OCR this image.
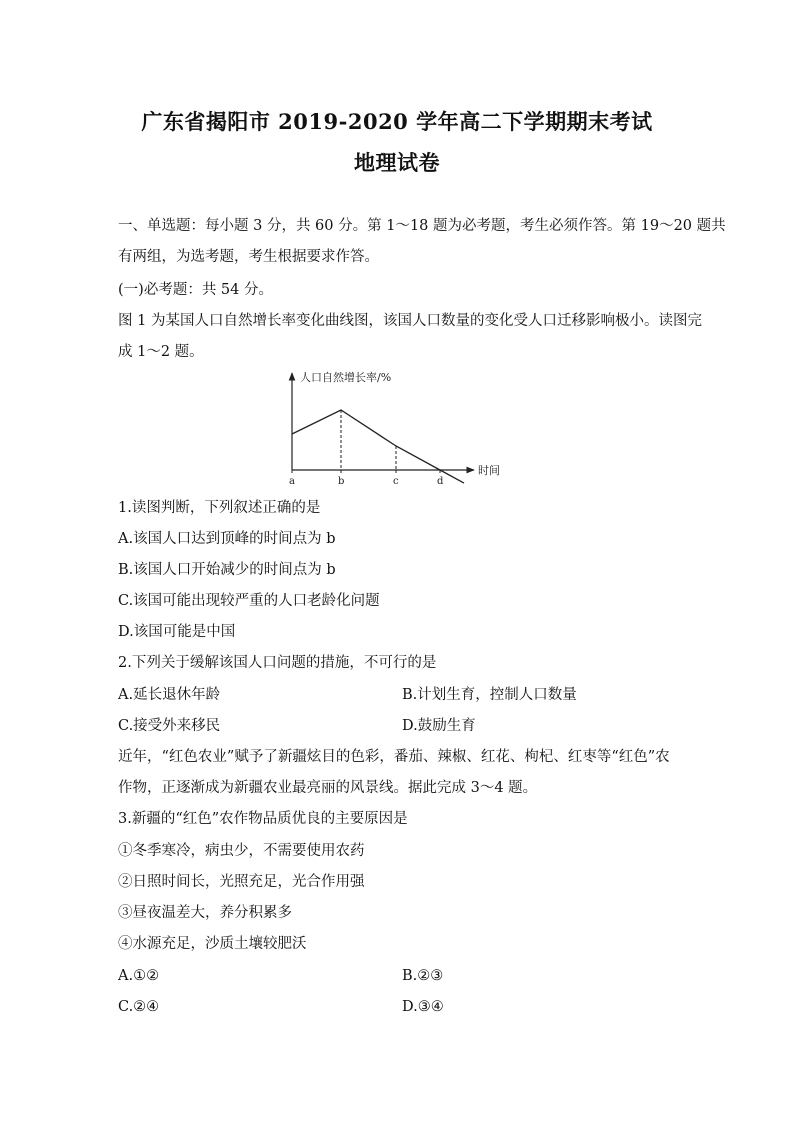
广东省揭阳市 2019-2020 学年高二下学期期末考试
地理试卷
一、单选题：每小题 3 分，共 60 分。第 1～18 题为必考题，考生必须作答。第 19～20 题共
有两组，为选考题，考生根据要求作答。
(一)必考题：共 54 分。
图 1 为某国人口自然增长率变化曲线图，该国人口数量的变化受人口迁移影响极小。读图完
成 1～2 题。
人口自然增长率/%
时间
a	b	c	d
1.读图判断，下列叙述正确的是
A.该国人口达到顶峰的时间点为 b
B.该国人口开始减少的时间点为 b
C.该国可能出现较严重的人口老龄化问题
D.该国可能是中国
2.下列关于缓解该国人口问题的措施，不可行的是
A.延长退休年龄	B.计划生育，控制人口数量
C.接受外来移民	D.鼓励生育
近年，“红色农业”赋予了新疆炫目的色彩，番茄、辣椒、红花、枸杞、红枣等“红色”农
作物，正逐渐成为新疆农业最亮丽的风景线。据此完成 3～4 题。
3.新疆的“红色”农作物品质优良的主要原因是
①冬季寒冷，病虫少，不需要使用农药
②日照时间长，光照充足，光合作用强
③昼夜温差大，养分积累多
④水源充足，沙质土壤较肥沃
A.①②	B.②③
C.②④	D.③④
